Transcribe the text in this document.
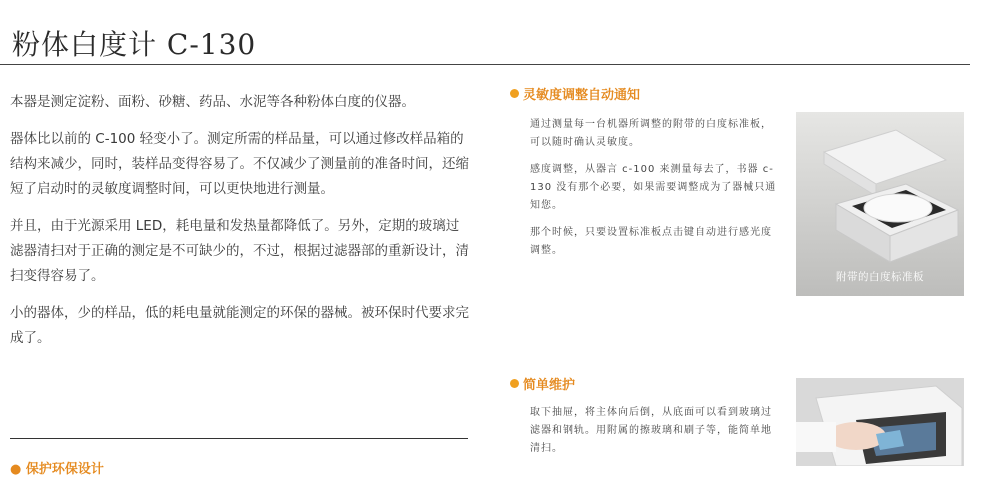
粉体白度计 C-130

本器是测定淀粉、面粉、砂糖、药品、水泥等各种粉体白度的仪器。

器体比以前的 C-100 轻变小了。测定所需的样品量，可以通过修改样品箱的结构来减少，同时，装样品变得容易了。不仅减少了测量前的准备时间，还缩短了启动时的灵敏度调整时间，可以更快地进行测量。

并且，由于光源采用 LED，耗电量和发热量都降低了。另外，定期的玻璃过滤器清扫对于正确的测定是不可缺少的，不过，根据过滤器部的重新设计，清扫变得容易了。

小的器体，少的样品，低的耗电量就能测定的环保的器械。被环保时代要求完成了。

● 保护环保设计
灵敏度调整自动通知

通过测量每一台机器所调整的附带的白度标准板，可以随时确认灵敏度。

感度调整，从器言 c-100 来测量每去了，书器 c-130 没有那个必要，如果需要调整成为了器械只通知您。

那个时候，只要设置标准板点击键自动进行感光度调整。

附带的白度标准板
简单维护

取下抽屉，将主体向后倒，从底面可以看到玻璃过滤器和钢轨。用附属的擦玻璃和刷子等，能简单地清扫。
